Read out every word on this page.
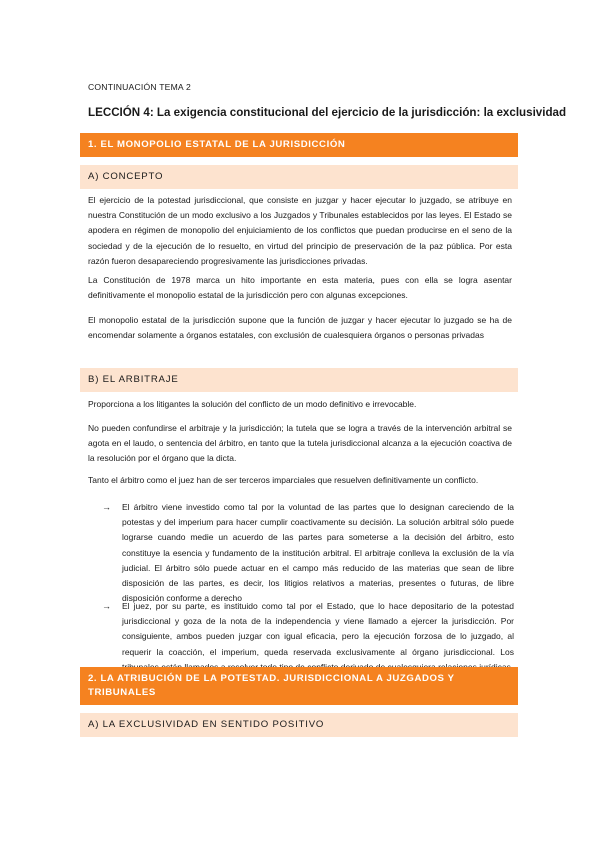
CONTINUACIÓN TEMA 2
LECCIÓN 4: La exigencia constitucional del ejercicio de la jurisdicción: la exclusividad
1. EL MONOPOLIO ESTATAL DE LA JURISDICCIÓN
A) CONCEPTO

El ejercicio de la potestad jurisdiccional, que consiste en juzgar y hacer ejecutar lo juzgado, se atribuye en nuestra Constitución de un modo exclusivo a los Juzgados y Tribunales establecidos por las leyes. El Estado se apodera en régimen de monopolio del enjuiciamiento de los conflictos que puedan producirse en el seno de la sociedad y de la ejecución de lo resuelto, en virtud del principio de preservación de la paz pública. Por esta razón fueron desapareciendo progresivamente las jurisdicciones privadas.

La Constitución de 1978 marca un hito importante en esta materia, pues con ella se logra asentar definitivamente el monopolio estatal de la jurisdicción pero con algunas excepciones.

El monopolio estatal de la jurisdicción supone que la función de juzgar y hacer ejecutar lo juzgado se ha de encomendar solamente a órganos estatales, con exclusión de cualesquiera órganos o personas privadas

B) EL ARBITRAJE

Proporciona a los litigantes la solución del conflicto de un modo definitivo e irrevocable.

No pueden confundirse el arbitraje y la jurisdicción; la tutela que se logra a través de la intervención arbitral se agota en el laudo, o sentencia del árbitro, en tanto que la tutela jurisdiccional alcanza a la ejecución coactiva de la resolución por el órgano que la dicta.

Tanto el árbitro como el juez han de ser terceros imparciales que resuelven definitivamente un conflicto.

→ El árbitro viene investido como tal por la voluntad de las partes que lo designan careciendo de la potestas y del imperium para hacer cumplir coactivamente su decisión. La solución arbitral sólo puede lograrse cuando medie un acuerdo de las partes para someterse a la decisión del árbitro, esto constituye la esencia y fundamento de la institución arbitral. El arbitraje conlleva la exclusión de la vía judicial. El árbitro sólo puede actuar en el campo más reducido de las materias que sean de libre disposición de las partes, es decir, los litigios relativos a materias, presentes o futuras, de libre disposición conforme a derecho
→ El juez, por su parte, es instituido como tal por el Estado, que lo hace depositario de la potestad jurisdiccional y goza de la nota de la independencia y viene llamado a ejercer la jurisdicción. Por consiguiente, ambos pueden juzgar con igual eficacia, pero la ejecución forzosa de lo juzgado, al requerir la coacción, el imperium, queda reservada exclusivamente al órgano jurisdiccional. Los
2. LA ATRIBUCIÓN DE LA POTESTAD. JURISDICCIONAL A JUZGADOS Y TRIBUNALES
A) LA EXCLUSIVIDAD EN SENTIDO POSITIVO
